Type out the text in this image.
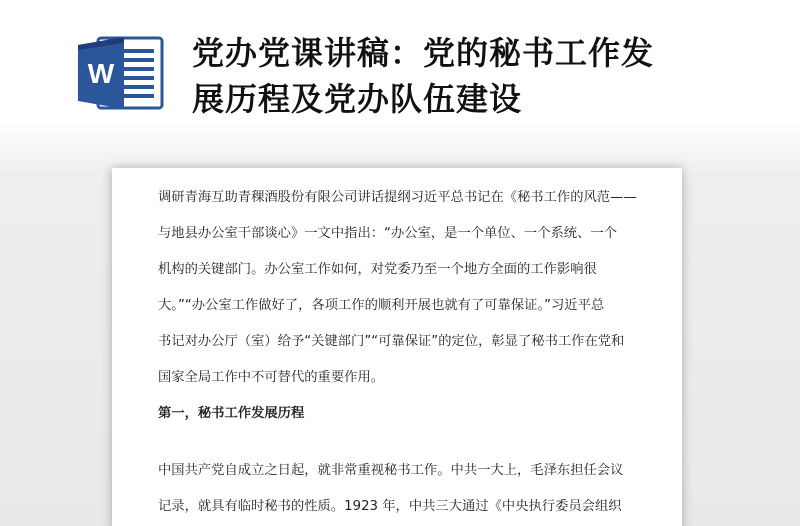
W
党办党课讲稿：党的秘书工作发
展历程及党办队伍建设
调研青海互助青稞酒股份有限公司讲话提纲习近平总书记在《秘书工作的风范——
与地县办公室干部谈心》一文中指出：“办公室，是一个单位、一个系统、一个
机构的关键部门。办公室工作如何，对党委乃至一个地方全面的工作影响很
大。”“办公室工作做好了，各项工作的顺利开展也就有了可靠保证。”习近平总
书记对办公厅（室）给予“关键部门”“可靠保证”的定位，彰显了秘书工作在党和
国家全局工作中不可替代的重要作用。
第一，秘书工作发展历程
中国共产党自成立之日起，就非常重视秘书工作。中共一大上，毛泽东担任会议
记录，就具有临时秘书的性质。1923 年，中共三大通过《中央执行委员会组织
